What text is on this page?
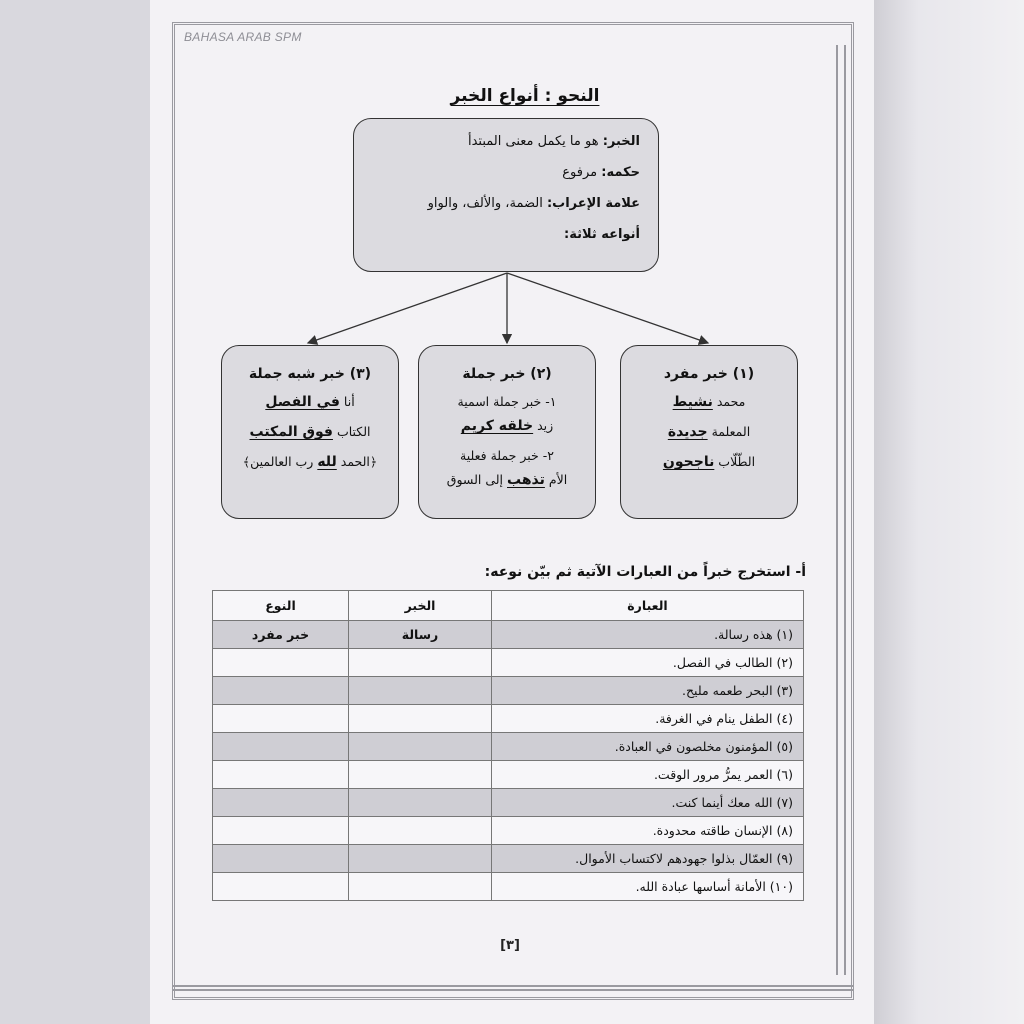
BAHASA ARAB SPM
النحو : أنواع الخبر
الخبر: هو ما يكمل معنى المبتدأ
حكمه: مرفوع
علامة الإعراب: الضمة، والألف، والواو
أنواعه ثلاثة:
(١) خبر مفرد
محمد نشيط
المعلمة جديدة
الطّلّاب ناجحون
(٢) خبر جملة
١- خبر جملة اسمية
زيد خلقه كريم
٢- خبر جملة فعلية
الأم تذهب إلى السوق
(٣) خبر شبه جملة
أنا في الفصل
الكتاب فوق المكتب
﴿الحمد لله رب العالمين﴾
أ- استخرج خبراً من العبارات الآتية ثم بيّن نوعه:
العبارة	الخبر	النوع
(١) هذه رسالة.	رسالة	خبر مفرد
(٢) الطالب في الفصل.		
(٣) البحر طعمه مليح.		
(٤) الطفل ينام في الغرفة.		
(٥) المؤمنون مخلصون في العبادة.		
(٦) العمر يمرُّ مرور الوقت.		
(٧) الله معك أينما كنت.		
(٨) الإنسان طاقته محدودة.		
(٩) العمّال بذلوا جهودهم لاكتساب الأموال.		
(١٠) الأمانة أساسها عبادة الله.		
[٣]
